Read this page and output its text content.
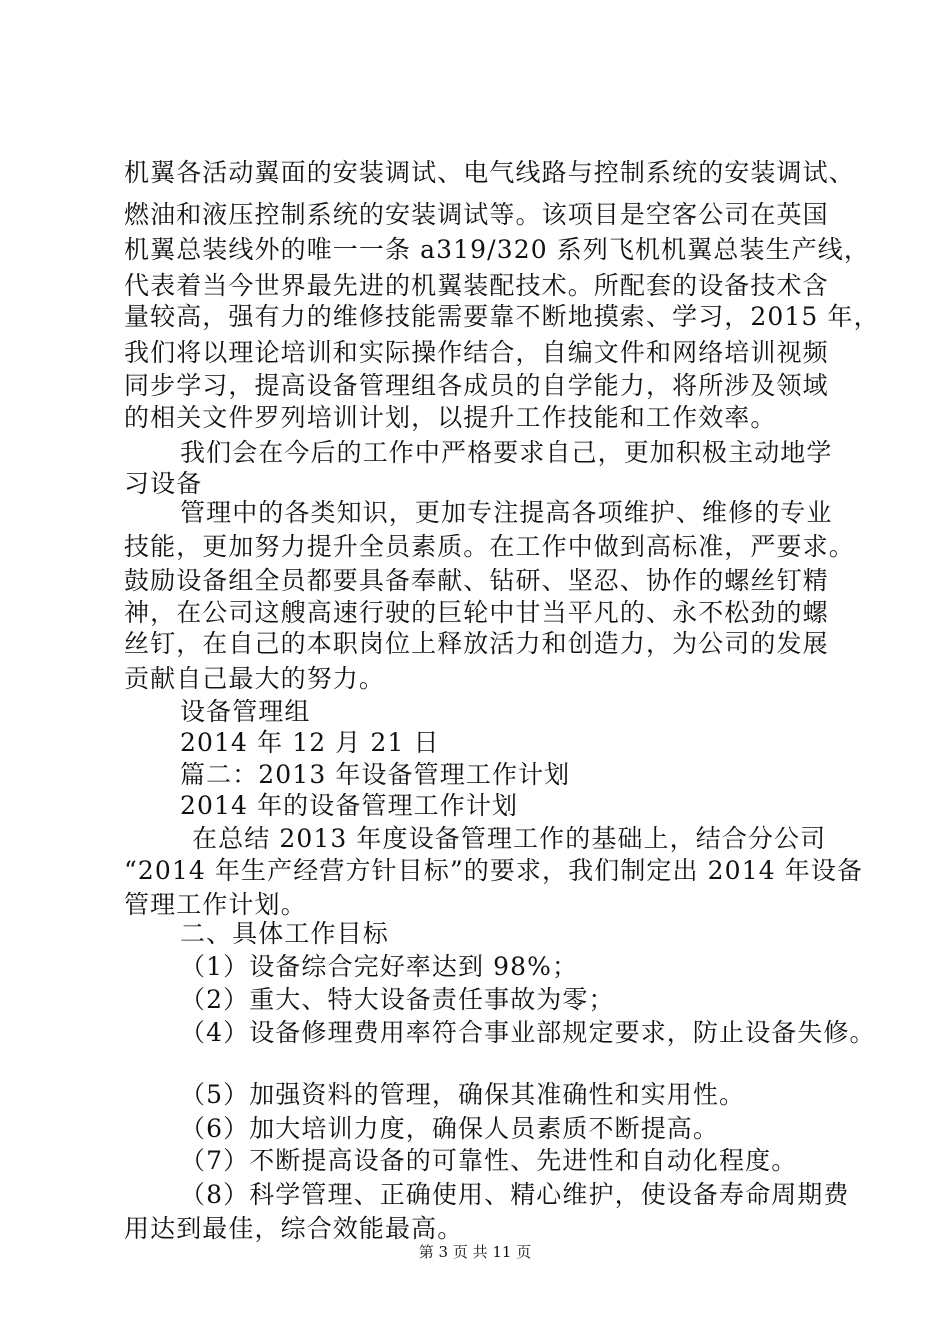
机翼各活动翼面的安装调试、电气线路与控制系统的安装调试、
燃油和液压控制系统的安装调试等。该项目是空客公司在英国
机翼总装线外的唯一一条 a319/320 系列飞机机翼总装生产线，
代表着当今世界最先进的机翼装配技术。所配套的设备技术含
量较高，强有力的维修技能需要靠不断地摸索、学习，2015 年，
我们将以理论培训和实际操作结合，自编文件和网络培训视频
同步学习，提高设备管理组各成员的自学能力，将所涉及领域
的相关文件罗列培训计划，以提升工作技能和工作效率。
我们会在今后的工作中严格要求自己，更加积极主动地学
习设备
管理中的各类知识，更加专注提高各项维护、维修的专业
技能，更加努力提升全员素质。在工作中做到高标准，严要求。
鼓励设备组全员都要具备奉献、钻研、坚忍、协作的螺丝钉精
神，在公司这艘高速行驶的巨轮中甘当平凡的、永不松劲的螺
丝钉，在自己的本职岗位上释放活力和创造力，为公司的发展
贡献自己最大的努力。
设备管理组
2014 年 12 月 21 日
篇二：2013 年设备管理工作计划
2014 年的设备管理工作计划
在总结 2013 年度设备管理工作的基础上，结合分公司
“2014 年生产经营方针目标”的要求，我们制定出 2014 年设备
管理工作计划。
二、具体工作目标
（1）设备综合完好率达到 98%；
（2）重大、特大设备责任事故为零；
（4）设备修理费用率符合事业部规定要求，防止设备失修。
（5）加强资料的管理，确保其准确性和实用性。
（6）加大培训力度，确保人员素质不断提高。
（7）不断提高设备的可靠性、先进性和自动化程度。
（8）科学管理、正确使用、精心维护，使设备寿命周期费
用达到最佳，综合效能最高。
第 3 页 共 11 页
